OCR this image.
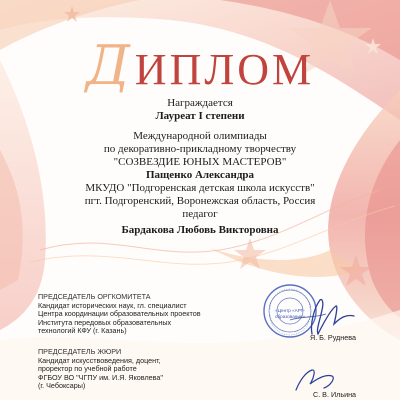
ДИПЛОМ
Награждается
Лауреат I степени
Международной олимпиады
по декоративно-прикладному творчеству
"СОЗВЕЗДИЕ ЮНЫХ МАСТЕРОВ"
Пащенко Александра
МКУДО "Подгоренская детская школа искусств"
пгт. Подгоренский, Воронежская область, Россия
педагог
Бардакова Любовь Викторовна
ПРЕДСЕДАТЕЛЬ ОРГКОМИТЕТА
Кандидат исторических наук, гл. специалист
Центра координации образовательных проектов
Института передовых образовательных
технологий КФУ (г. Казань)
ПРЕДСЕДАТЕЛЬ ЖЮРИ
Кандидат искусствоведения, доцент,
проректор по учебной работе
ФГБОУ ВО "ЧГПУ им. И.Я. Яковлева"
(г. Чебоксары)
«Центр «АРТ-образование»
Я. Б. Руднева
С. В. Ильина
